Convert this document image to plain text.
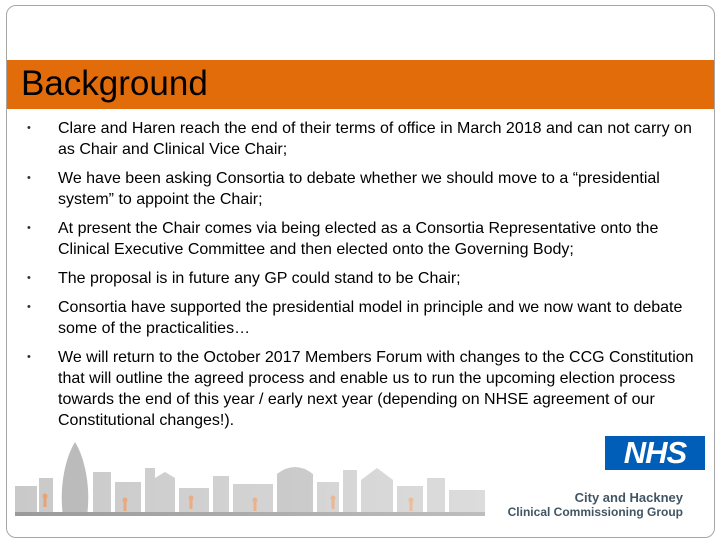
Background
• Clare and Haren reach the end of their terms of office in March 2018 and can not carry on as Chair and Clinical Vice Chair;
• We have been asking Consortia to debate whether we should move to a “presidential system” to appoint the Chair;
• At present the Chair comes via being elected as a Consortia Representative onto the Clinical Executive Committee and then elected onto the Governing Body;
• The proposal is in future any GP could stand to be Chair;
• Consortia have supported the presidential model in principle and we now want to debate some of the practicalities…
• We will return to the October 2017 Members Forum with changes to the CCG Constitution that will outline the agreed process and enable us to run the upcoming election process towards the end of this year / early next year (depending on NHSE agreement of our Constitutional changes!).
NHS
City and Hackney
Clinical Commissioning Group
